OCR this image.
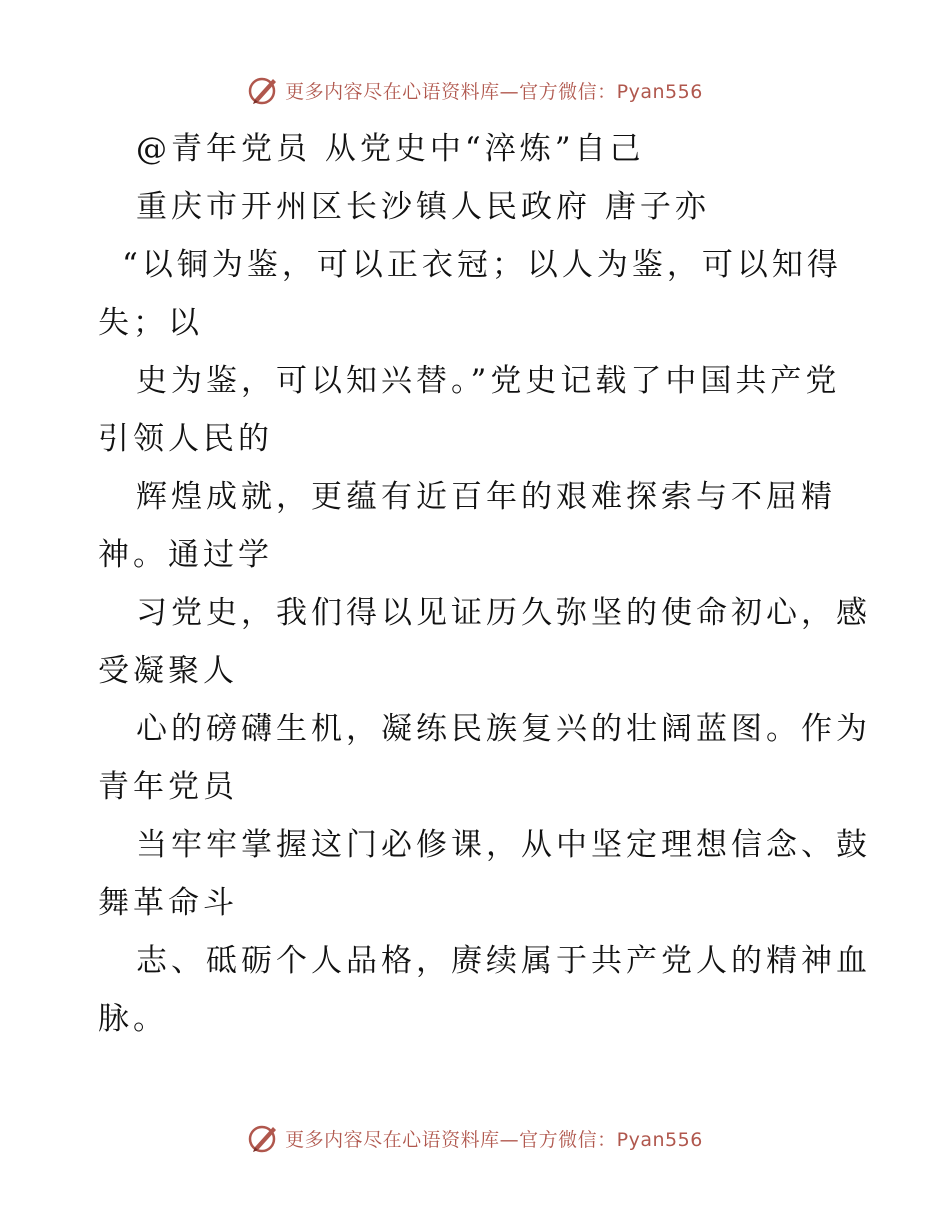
更多内容尽在心语资料库—官方微信：Pyan556
@青年党员 从党史中“淬炼”自己
重庆市开州区长沙镇人民政府 唐子亦
“以铜为鉴，可以正衣冠；以人为鉴，可以知得
失；以
史为鉴，可以知兴替。”党史记载了中国共产党
引领人民的
辉煌成就，更蕴有近百年的艰难探索与不屈精
神。通过学
习党史，我们得以见证历久弥坚的使命初心，感
受凝聚人
心的磅礴生机，凝练民族复兴的壮阔蓝图。作为
青年党员
当牢牢掌握这门必修课，从中坚定理想信念、鼓
舞革命斗
志、砥砺个人品格，赓续属于共产党人的精神血
脉。
更多内容尽在心语资料库—官方微信：Pyan556
